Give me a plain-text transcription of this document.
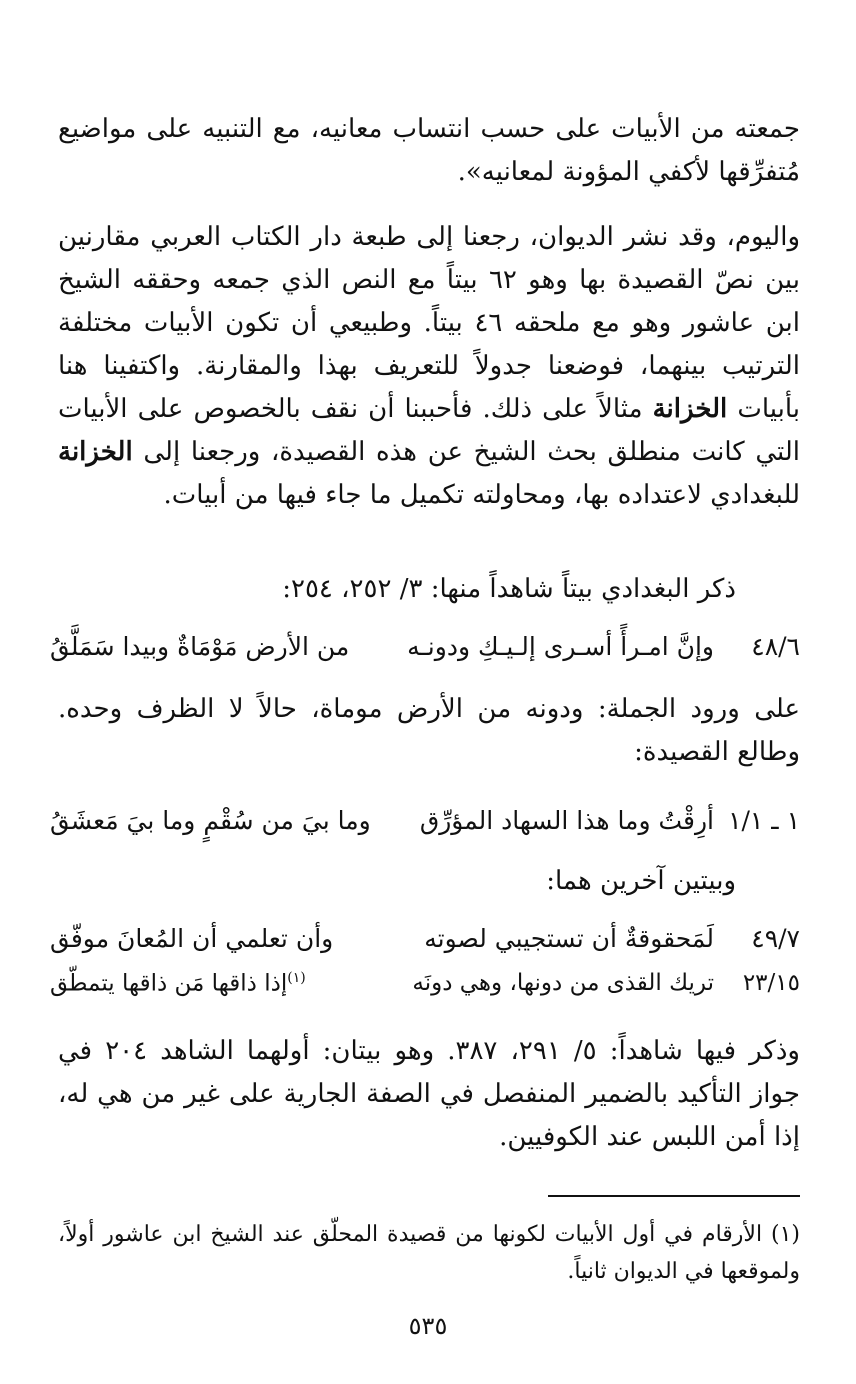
جمعته من الأبيات على حسب انتساب معانيه، مع التنبيه على مواضيع مُتفرِّقها لأكفي المؤونة لمعانيه».

واليوم، وقد نشر الديوان، رجعنا إلى طبعة دار الكتاب العربي مقارنين بين نصّ القصيدة بها وهو ٦٢ بيتاً مع النص الذي جمعه وحققه الشيخ ابن عاشور وهو مع ملحقه ٤٦ بيتاً. وطبيعي أن تكون الأبيات مختلفة الترتيب بينهما، فوضعنا جدولاً للتعريف بهذا والمقارنة. واكتفينا هنا بأبيات الخزانة مثالاً على ذلك. فأحببنا أن نقف بالخصوص على الأبيات التي كانت منطلق بحث الشيخ عن هذه القصيدة، ورجعنا إلى الخزانة للبغدادي لاعتداده بها، ومحاولته تكميل ما جاء فيها من أبيات.

ذكر البغدادي بيتاً شاهداً منها: ٣/ ٢٥٢، ٢٥٤:
٤٨/٦
وإنَّ امـرأً أسـرى إلـيـكِ ودونـه
من الأرض مَوْمَاةٌ وبيدا سَمَلَّقُ

على ورود الجملة: ودونه من الأرض موماة، حالاً لا الظرف وحده. وطالع القصيدة:

١ ـ ١/١
أرِقْتُ وما هذا السهاد المؤرِّق
وما بيَ من سُقْمٍ وما بيَ مَعشَقُ
وبيتين آخرين هما:
٤٩/٧
لَمَحقوقةٌ أن تستجيبي لصوته
وأن تعلمي أن المُعانَ موفّق
٢٣/١٥
تريك القذى من دونها، وهي دونَه
$^{(١)}$إذا ذاقها مَن ذاقها يتمطّق

وذكر فيها شاهداً: ٥/ ٢٩١، ٣٨٧. وهو بيتان: أولهما الشاهد ٢٠٤ في جواز التأكيد بالضمير المنفصل في الصفة الجارية على غير من هي له، إذا أمن اللبس عند الكوفيين.

(١) الأرقام في أول الأبيات لكونها من قصيدة المحلّق عند الشيخ ابن عاشور أولاً، ولموقعها في الديوان ثانياً.
٥٣٥
